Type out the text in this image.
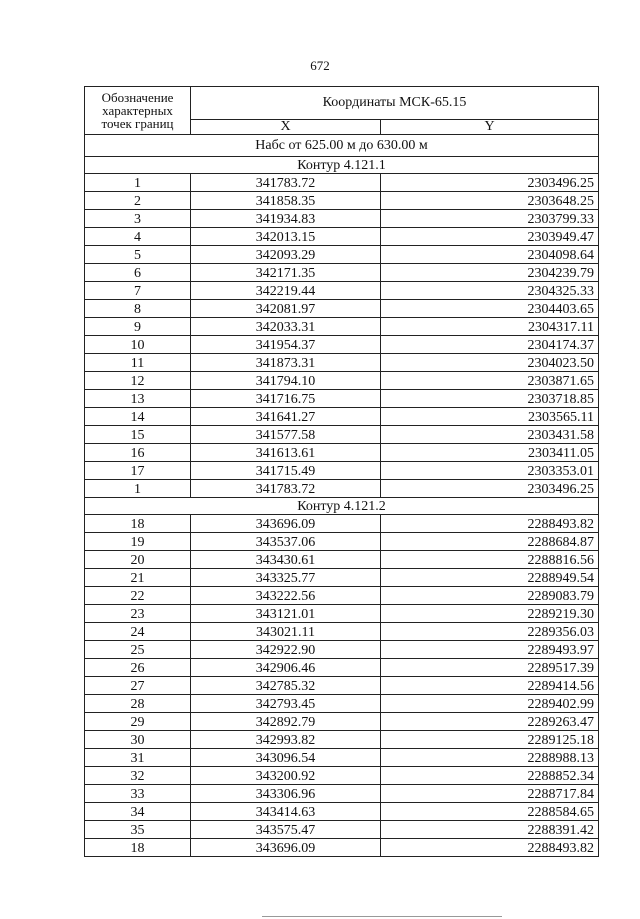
672
Обозначение характерных точек границ	Координаты МСК-65.15	
	X	Y
Набс от 625.00 м до 630.00 м		
Контур 4.121.1		
1	341783.72	2303496.25
2	341858.35	2303648.25
3	341934.83	2303799.33
4	342013.15	2303949.47
5	342093.29	2304098.64
6	342171.35	2304239.79
7	342219.44	2304325.33
8	342081.97	2304403.65
9	342033.31	2304317.11
10	341954.37	2304174.37
11	341873.31	2304023.50
12	341794.10	2303871.65
13	341716.75	2303718.85
14	341641.27	2303565.11
15	341577.58	2303431.58
16	341613.61	2303411.05
17	341715.49	2303353.01
1	341783.72	2303496.25
Контур 4.121.2		
18	343696.09	2288493.82
19	343537.06	2288684.87
20	343430.61	2288816.56
21	343325.77	2288949.54
22	343222.56	2289083.79
23	343121.01	2289219.30
24	343021.11	2289356.03
25	342922.90	2289493.97
26	342906.46	2289517.39
27	342785.32	2289414.56
28	342793.45	2289402.99
29	342892.79	2289263.47
30	342993.82	2289125.18
31	343096.54	2288988.13
32	343200.92	2288852.34
33	343306.96	2288717.84
34	343414.63	2288584.65
35	343575.47	2288391.42
18	343696.09	2288493.82
